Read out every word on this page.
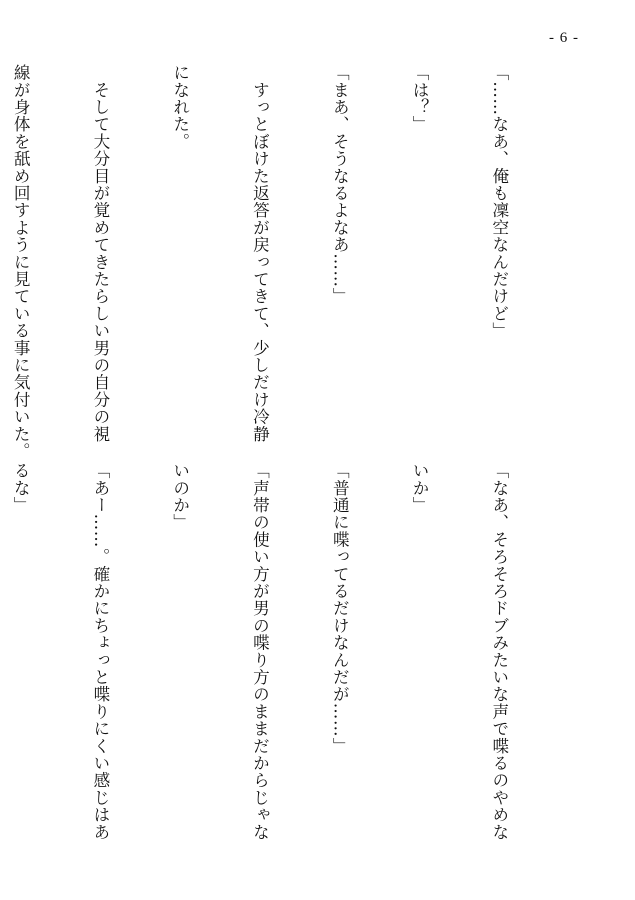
- 6 -

「……なあ、俺も凜空なんだけど」

「は？」

「まあ、そうなるよなあ……」

　すっとぼけた返答が戻ってきて、少しだけ冷静

になれた。

　そして大分目が覚めてきたらしい男の自分の視

線が身体を舐め回すように見ている事に気付いた。

「なあ、そろそろドブみたいな声で喋るのやめな

いか」

「普通に喋ってるだけなんだが……」

「声帯の使い方が男の喋り方のままだからじゃな

いのか」

「あー……。確かにちょっと喋りにくい感じはあ

るな」
